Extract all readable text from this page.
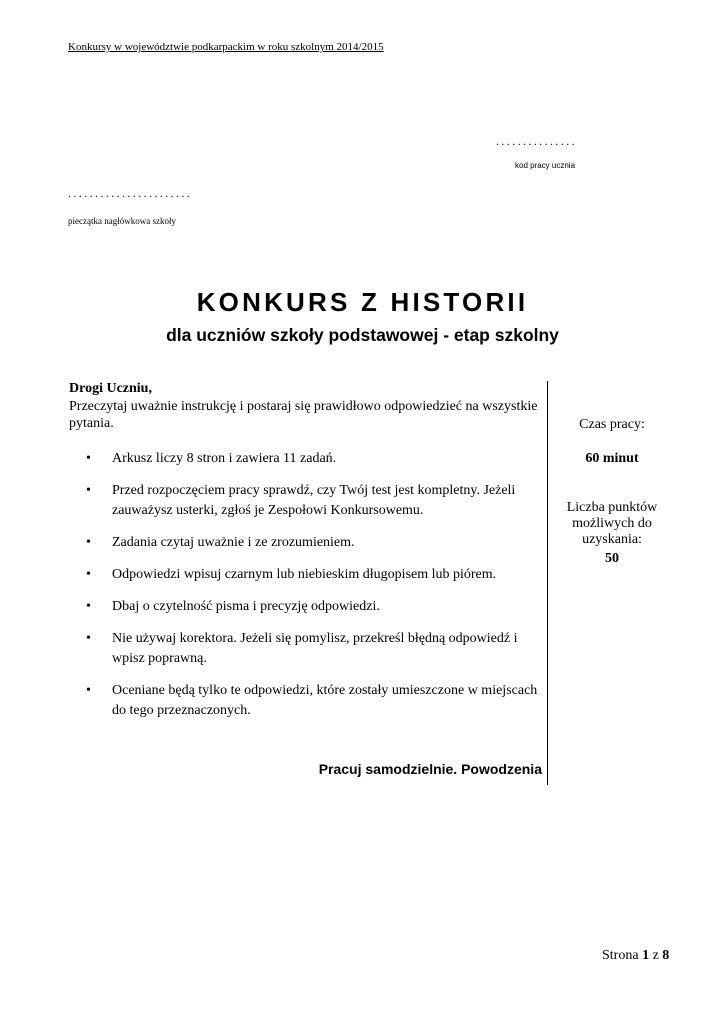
Konkursy w województwie podkarpackim w roku szkolnym 2014/2015
...............
kod pracy ucznia
.......................
pieczątka nagłówkowa szkoły
KONKURS Z HISTORII
dla uczniów szkoły podstawowej - etap szkolny
Drogi Uczniu,
Przeczytaj uważnie instrukcję i postaraj się prawidłowo odpowiedzieć na wszystkie pytania.
• Arkusz liczy 8 stron i zawiera 11 zadań.
• Przed rozpoczęciem pracy sprawdź, czy Twój test jest kompletny. Jeżeli zauważysz usterki, zgłoś je Zespołowi Konkursowemu.
• Zadania czytaj uważnie i ze zrozumieniem.
• Odpowiedzi wpisuj czarnym lub niebieskim długopisem lub piórem.
• Dbaj o czytelność pisma i precyzję odpowiedzi.
• Nie używaj korektora. Jeżeli się pomylisz, przekreśl błędną odpowiedź i wpisz poprawną.
• Oceniane będą tylko te odpowiedzi, które zostały umieszczone w miejscach do tego przeznaczonych.
Pracuj samodzielnie. Powodzenia
Czas pracy:
60 minut
Liczba punktów możliwych do uzyskania:
50
Strona 1 z 8
